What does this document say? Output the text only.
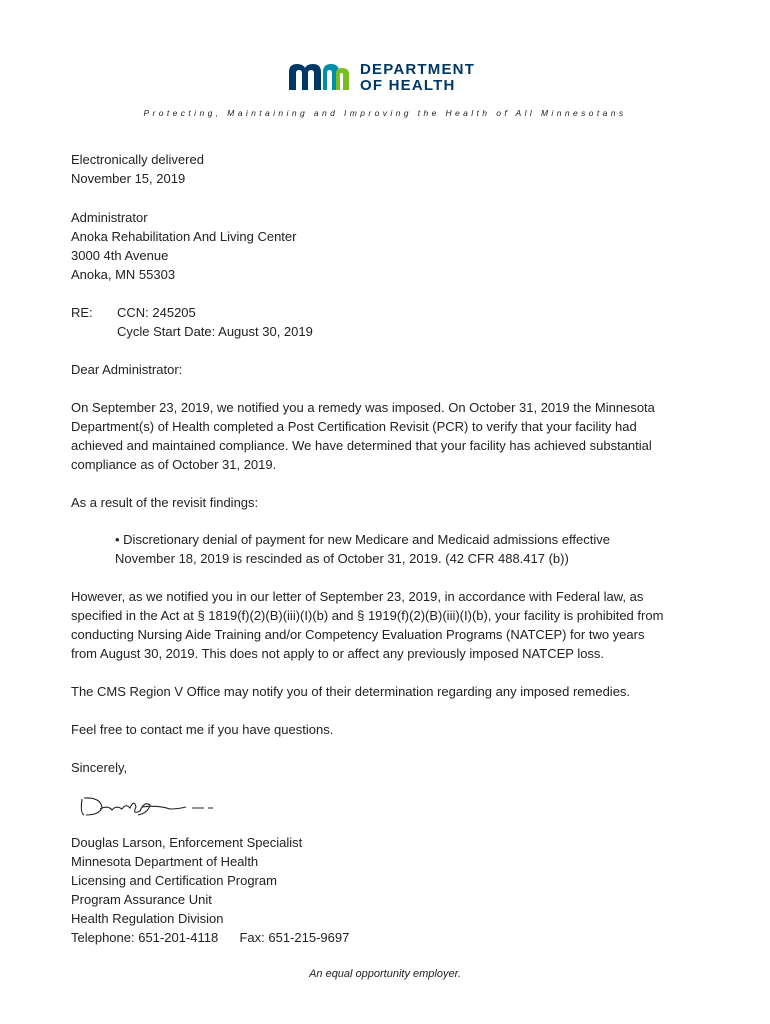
DEPARTMENT
OF HEALTH
Protecting, Maintaining and Improving the Health of All Minnesotans
Electronically delivered
November 15, 2019
Administrator
Anoka Rehabilitation And Living Center
3000 4th Avenue
Anoka, MN 55303
RE: CCN: 245205
Cycle Start Date: August 30, 2019
Dear Administrator:
On September 23, 2019, we notified you a remedy was imposed. On October 31, 2019 the Minnesota
Department(s) of Health completed a Post Certification Revisit (PCR) to verify that your facility had
achieved and maintained compliance. We have determined that your facility has achieved substantial
compliance as of October 31, 2019.
As a result of the revisit findings:
• Discretionary denial of payment for new Medicare and Medicaid admissions effective
November 18, 2019 is rescinded as of October 31, 2019. (42 CFR 488.417 (b))
However, as we notified you in our letter of September 23, 2019, in accordance with Federal law, as
specified in the Act at § 1819(f)(2)(B)(iii)(I)(b) and § 1919(f)(2)(B)(iii)(I)(b), your facility is prohibited from
conducting Nursing Aide Training and/or Competency Evaluation Programs (NATCEP) for two years
from August 30, 2019. This does not apply to or affect any previously imposed NATCEP loss.
The CMS Region V Office may notify you of their determination regarding any imposed remedies.
Feel free to contact me if you have questions.
Sincerely,
Douglas Larson, Enforcement Specialist
Minnesota Department of Health
Licensing and Certification Program
Program Assurance Unit
Health Regulation Division
Telephone: 651-201-4118 Fax: 651-215-9697
An equal opportunity employer.
